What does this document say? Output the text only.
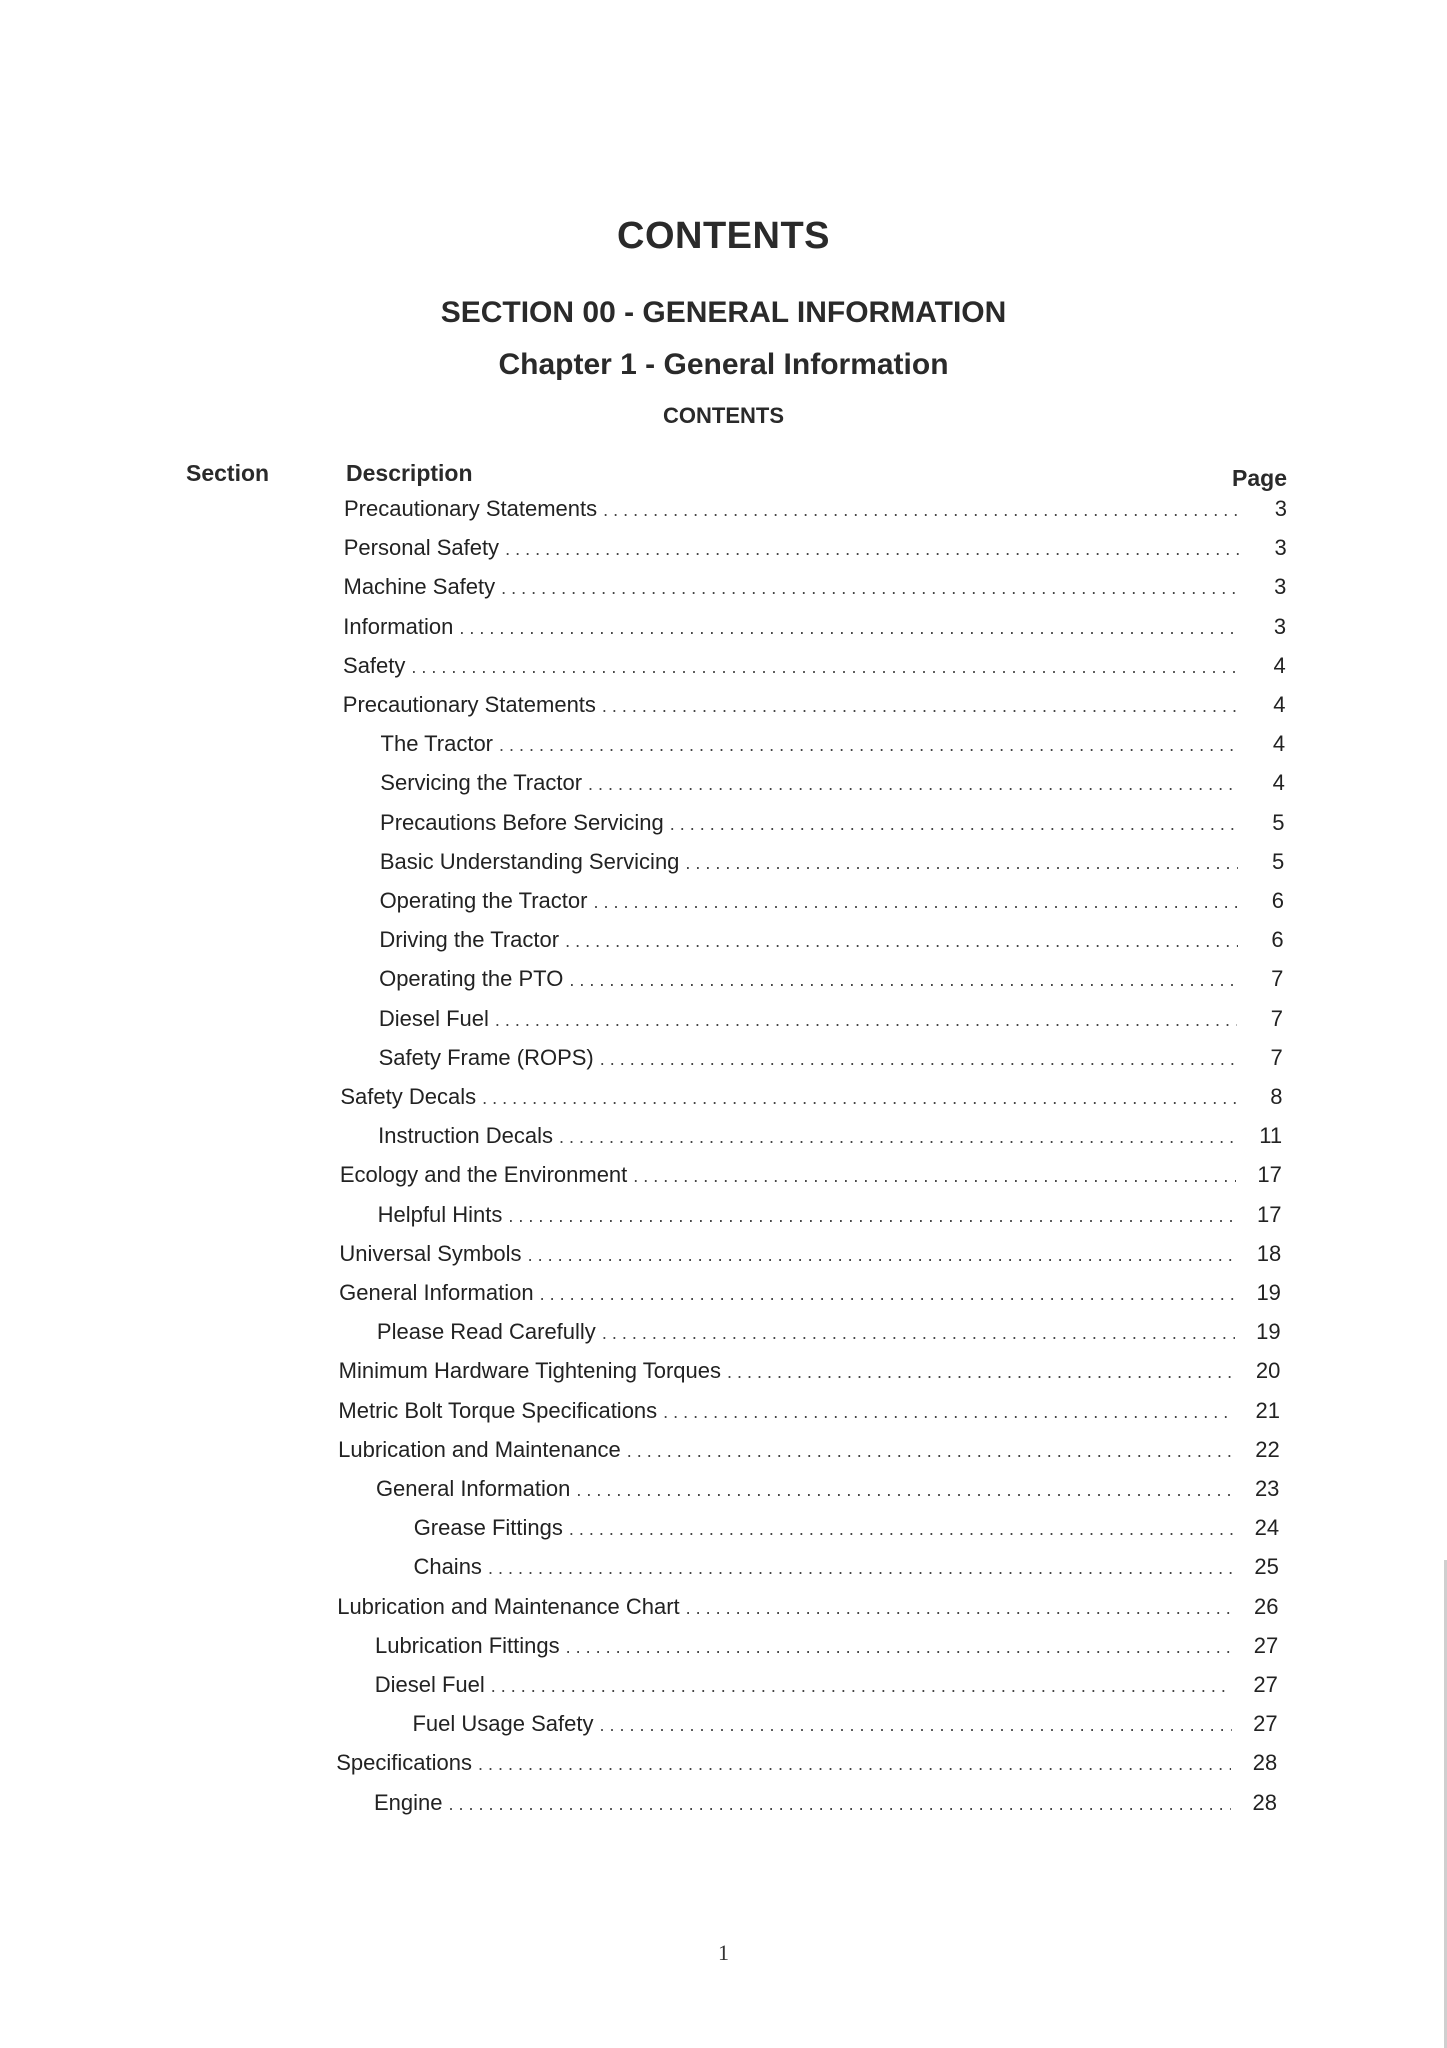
CONTENTS
SECTION 00 - GENERAL INFORMATION
Chapter 1 - General Information
CONTENTS
Section	Description	Page
Precautionary Statements . . .	3
Personal Safety . . .	3
Machine Safety . . .	3
Information . . .	3
Safety . . .	4
Precautionary Statements . . .	4
The Tractor . . .	4
Servicing the Tractor . . .	4
Precautions Before Servicing . . .	5
Basic Understanding Servicing . . .	5
Operating the Tractor . . .	6
Driving the Tractor . . .	6
Operating the PTO . . .	7
Diesel Fuel . . .	7
Safety Frame (ROPS) . . .	7
Safety Decals . . .	8
Instruction Decals . . .	11
Ecology and the Environment . . .	17
Helpful Hints . . .	17
Universal Symbols . . .	18
General Information . . .	19
Please Read Carefully . . .	19
Minimum Hardware Tightening Torques . . .	20
Metric Bolt Torque Specifications . . .	21
Lubrication and Maintenance . . .	22
General Information . . .	23
Grease Fittings . . .	24
Chains . . .	25
Lubrication and Maintenance Chart . . .	26
Lubrication Fittings . . .	27
Diesel Fuel . . .	27
Fuel Usage Safety . . .	27
Specifications . . .	28
Engine . . .	28
1
